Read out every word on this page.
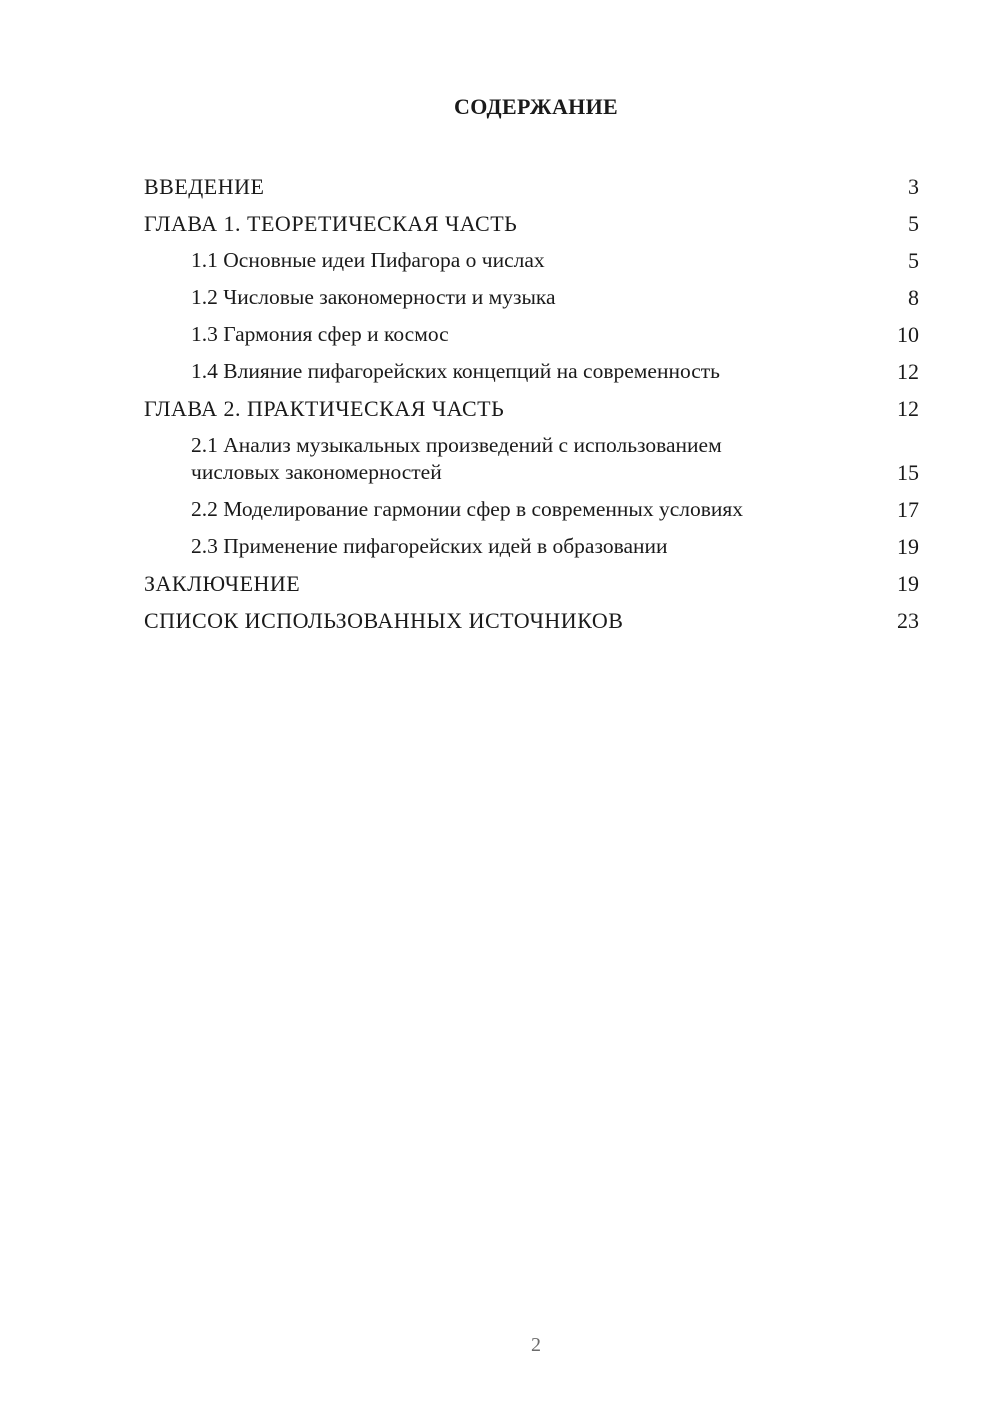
СОДЕРЖАНИЕ
ВВЕДЕНИЕ	3
ГЛАВА 1. ТЕОРЕТИЧЕСКАЯ ЧАСТЬ	5
1.1 Основные идеи Пифагора о числах	5
1.2 Числовые закономерности и музыка	8
1.3 Гармония сфер и космос	10
1.4 Влияние пифагорейских концепций на современность	12
ГЛАВА 2. ПРАКТИЧЕСКАЯ ЧАСТЬ	12
2.1 Анализ музыкальных произведений с использованием числовых закономерностей	15
2.2 Моделирование гармонии сфер в современных условиях	17
2.3 Применение пифагорейских идей в образовании	19
ЗАКЛЮЧЕНИЕ	19
СПИСОК ИСПОЛЬЗОВАННЫХ ИСТОЧНИКОВ	23
2
